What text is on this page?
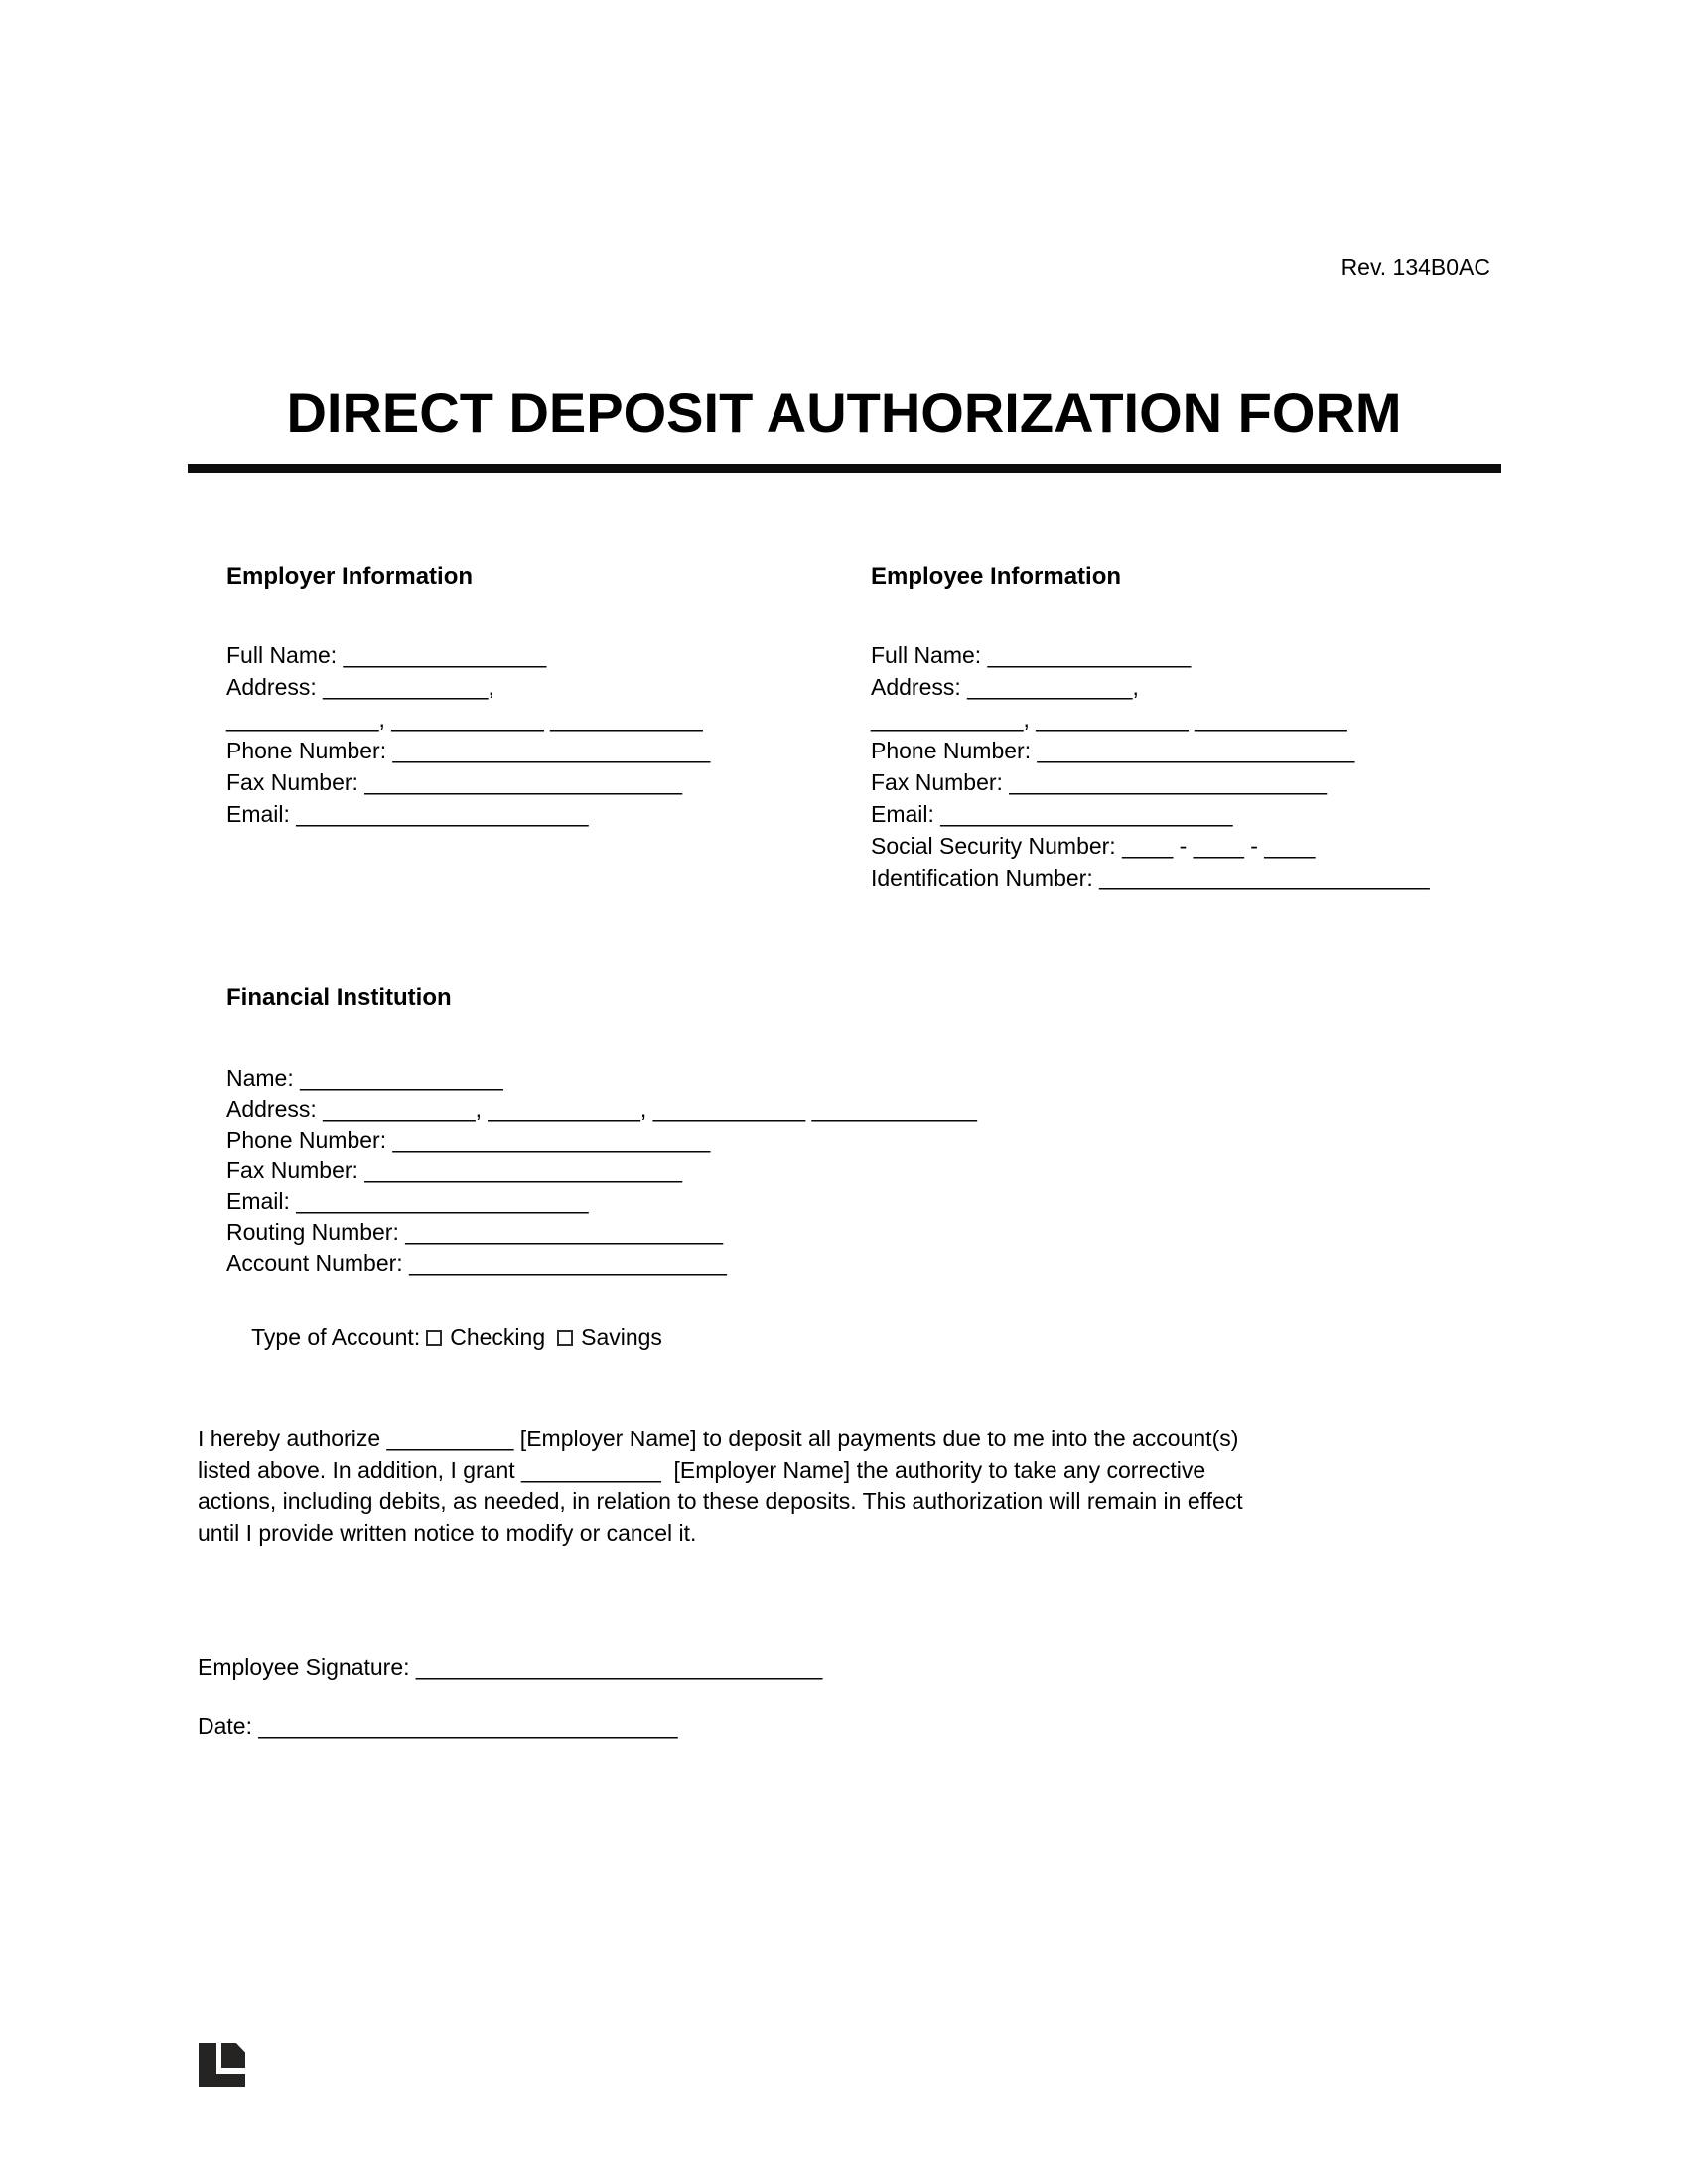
Rev. 134B0AC
DIRECT DEPOSIT AUTHORIZATION FORM
Employer Information
Full Name: ________________
Address: _____________,
____________, ____________ ____________
Phone Number: _________________________
Fax Number: _________________________
Email: _______________________
Employee Information
Full Name: ________________
Address: _____________,
____________, ____________ ____________
Phone Number: _________________________
Fax Number: _________________________
Email: _______________________
Social Security Number: ____ - ____ - ____
Identification Number: __________________________
Financial Institution
Name: ________________
Address: ____________, ____________, ____________ _____________
Phone Number: _________________________
Fax Number: _________________________
Email: _______________________
Routing Number: _________________________
Account Number: _________________________

Type of Account: Checking Savings

I hereby authorize __________ [Employer Name] to deposit all payments due to me into the account(s)
listed above. In addition, I grant ___________  [Employer Name] the authority to take any corrective
actions, including debits, as needed, in relation to these deposits. This authorization will remain in effect
until I provide written notice to modify or cancel it.
Employee Signature: ________________________________
Date: _________________________________
